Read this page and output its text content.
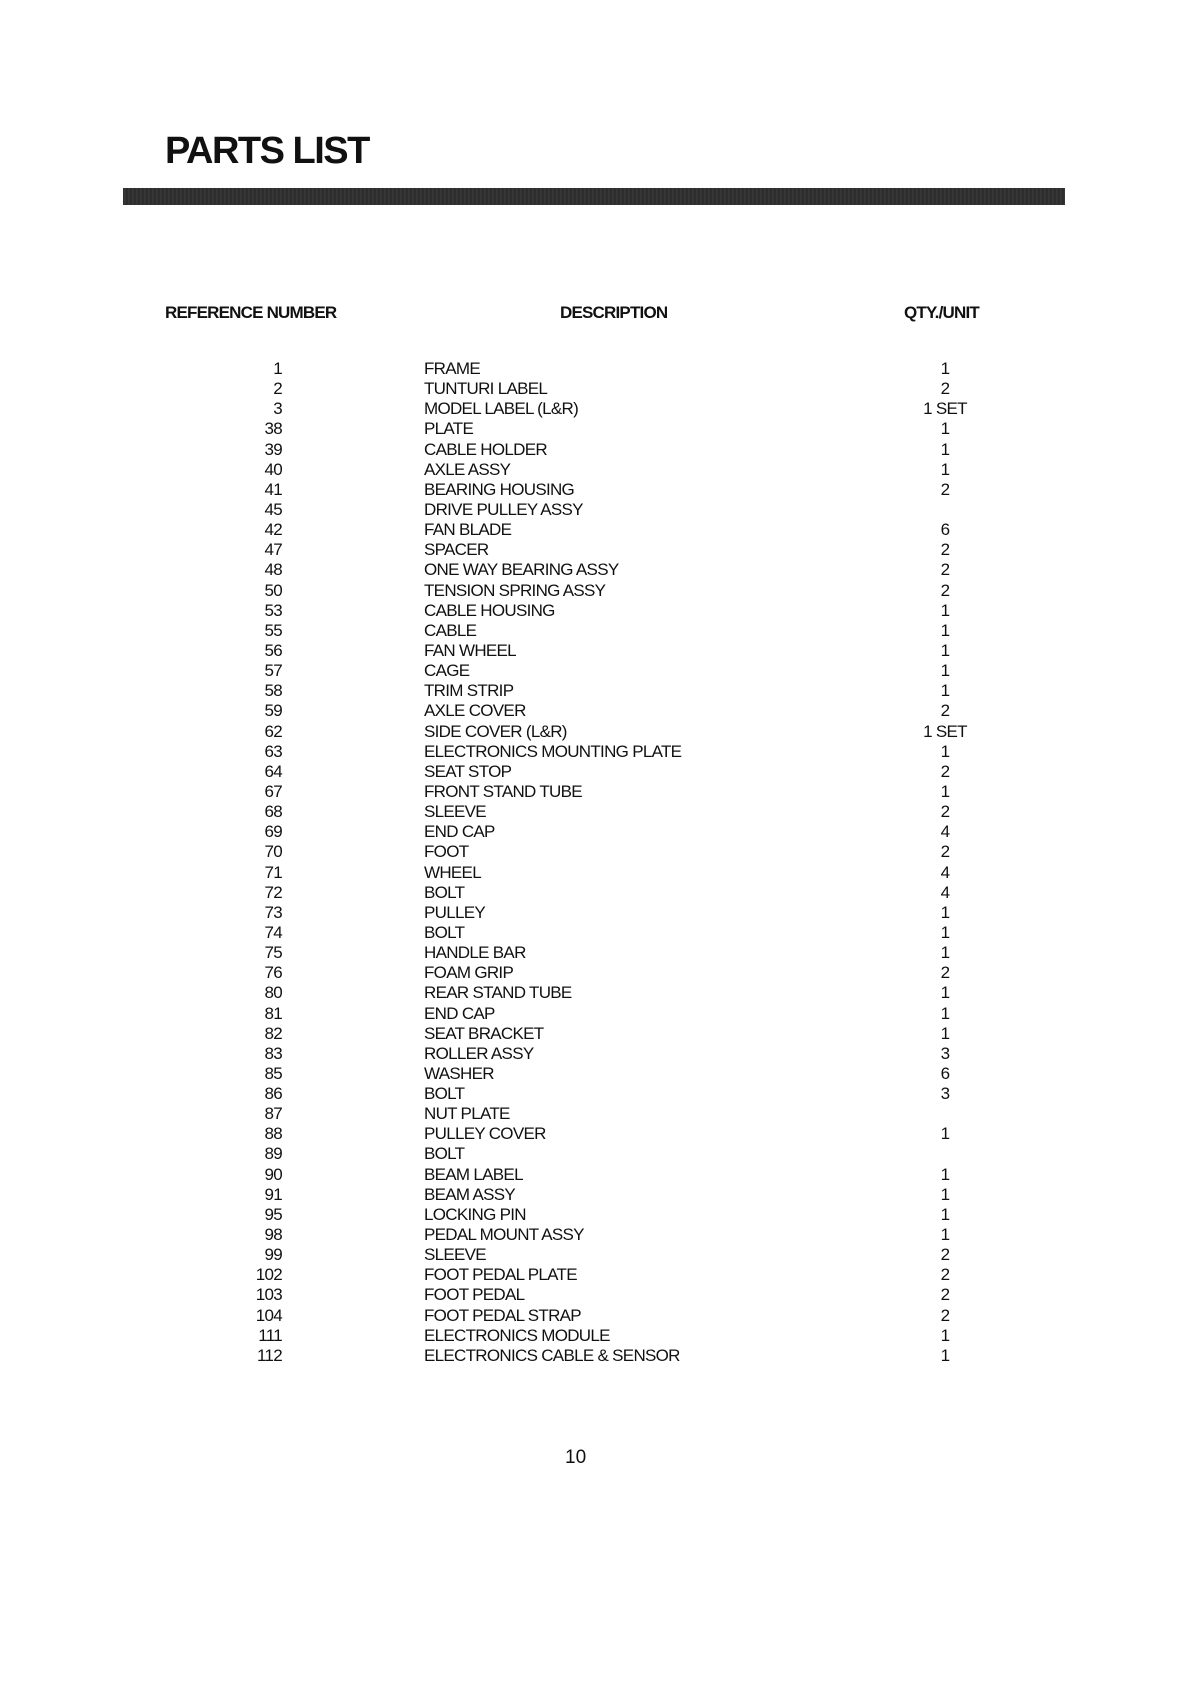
PARTS LIST
REFERENCE NUMBER	DESCRIPTION	QTY./UNIT
1	FRAME	1
2	TUNTURI LABEL	2
3	MODEL LABEL (L&R)	1 SET
38	PLATE	1
39	CABLE HOLDER	1
40	AXLE ASSY	1
41	BEARING HOUSING	2
45	DRIVE PULLEY ASSY
42	FAN BLADE	6
47	SPACER	2
48	ONE WAY BEARING ASSY	2
50	TENSION SPRING ASSY	2
53	CABLE HOUSING	1
55	CABLE	1
56	FAN WHEEL	1
57	CAGE	1
58	TRIM STRIP	1
59	AXLE COVER	2
62	SIDE COVER (L&R)	1 SET
63	ELECTRONICS MOUNTING PLATE	1
64	SEAT STOP	2
67	FRONT STAND TUBE	1
68	SLEEVE	2
69	END CAP	4
70	FOOT	2
71	WHEEL	4
72	BOLT	4
73	PULLEY	1
74	BOLT	1
75	HANDLE BAR	1
76	FOAM GRIP	2
80	REAR STAND TUBE	1
81	END CAP	1
82	SEAT BRACKET	1
83	ROLLER ASSY	3
85	WASHER	6
86	BOLT	3
87	NUT PLATE
88	PULLEY COVER	1
89	BOLT
90	BEAM LABEL	1
91	BEAM ASSY	1
95	LOCKING PIN	1
98	PEDAL MOUNT ASSY	1
99	SLEEVE	2
102	FOOT PEDAL PLATE	2
103	FOOT PEDAL	2
104	FOOT PEDAL STRAP	2
111	ELECTRONICS MODULE	1
112	ELECTRONICS CABLE & SENSOR	1
10
